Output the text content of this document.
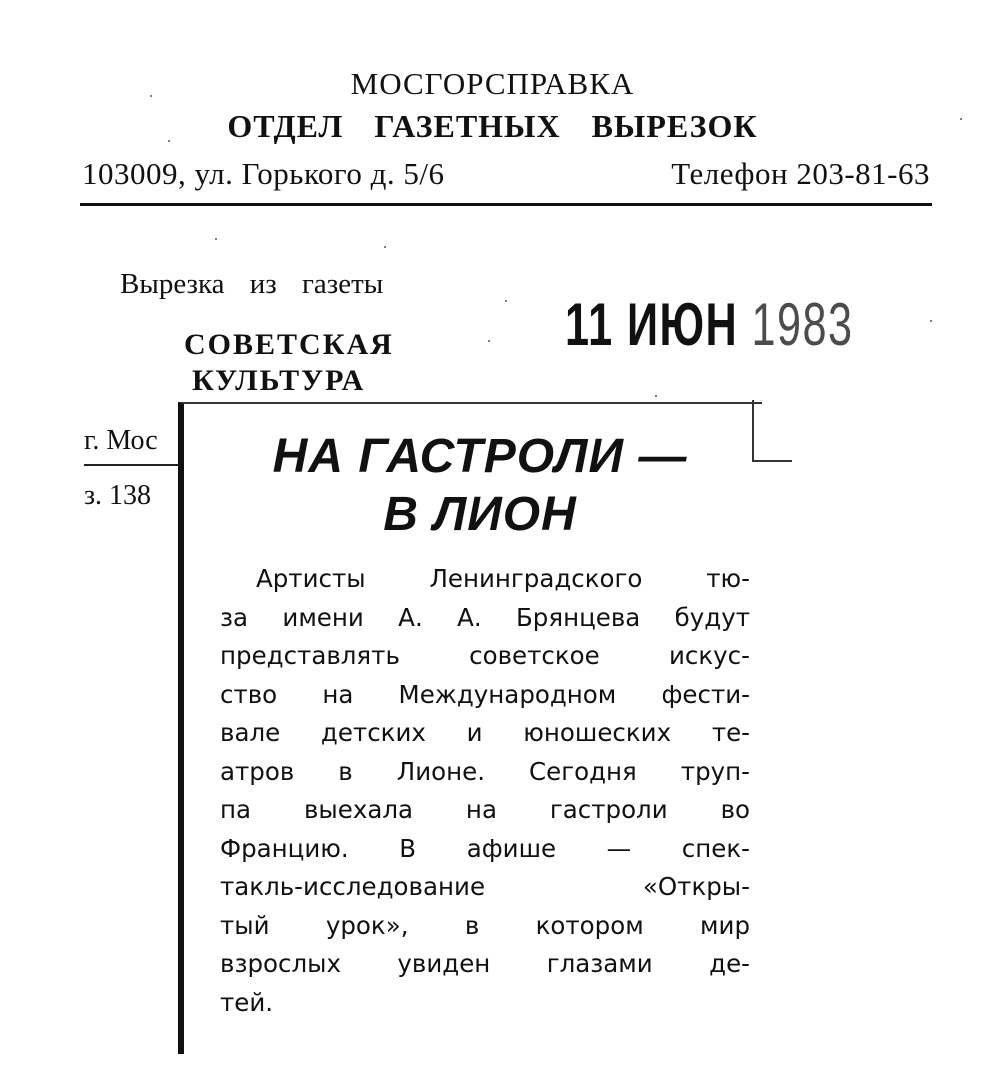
МОСГОРСПРАВКА
ОТДЕЛ ГАЗЕТНЫХ ВЫРЕЗОК
103009, ул. Горького д. 5/6	Телефон 203-81-63
Вырезка из газеты
СОВЕТСКАЯ
КУЛЬТУРА
11 ИЮН 1983
г. Мос
з. 138
НА ГАСТРОЛИ —
В ЛИОН
Артисты Ленинградского тю-
за имени А. А. Брянцева будут
представлять советское искус-
ство на Международном фести-
вале детских и юношеских те-
атров в Лионе. Сегодня труп-
па выехала на гастроли во
Францию. В афише — спек-
такль-исследование «Откры-
тый урок», в котором мир
взрослых увиден глазами де-
тей.
